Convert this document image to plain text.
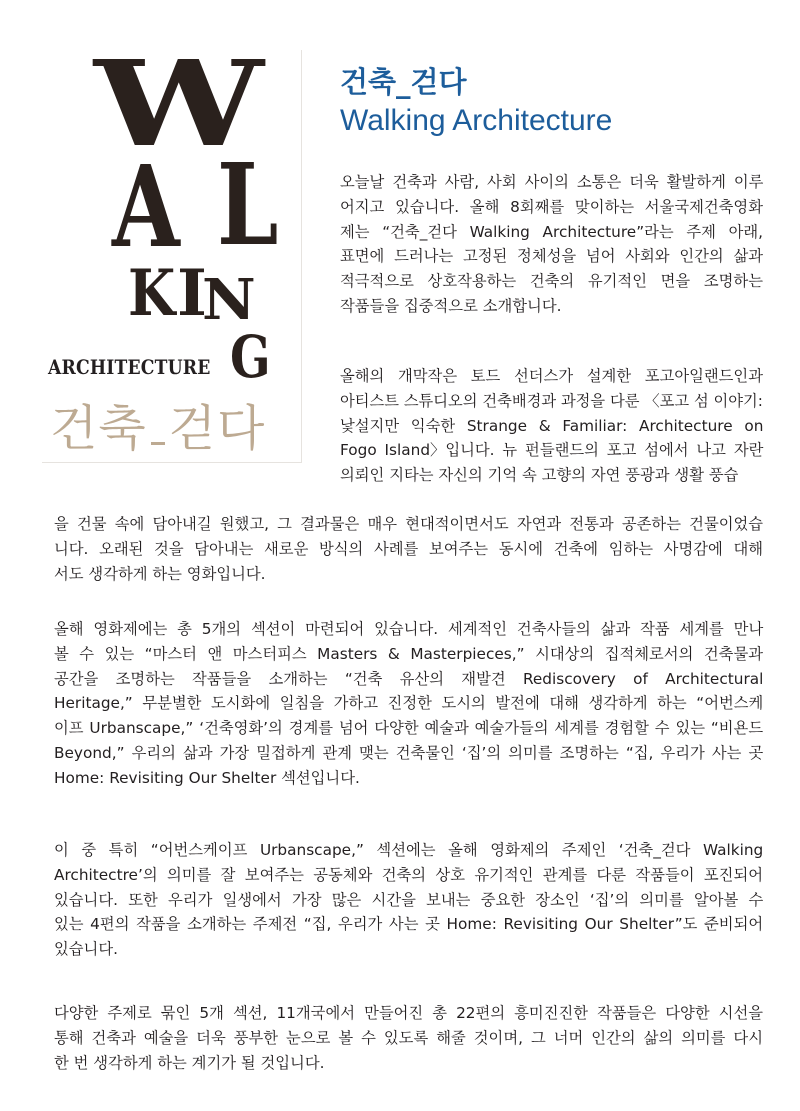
W
A L
K I
N
G
ARCHITECTURE
건축 걷다
건축_걷다
Walking Architecture
오늘날 건축과 사람, 사회 사이의 소통은 더욱 활발하게 이루
어지고 있습니다. 올해 8회째를 맞이하는 서울국제건축영화
제는 “건축_걷다 Walking Architecture”라는 주제 아래,
표면에 드러나는 고정된 정체성을 넘어 사회와 인간의 삶과
적극적으로 상호작용하는 건축의 유기적인 면을 조명하는
작품들을 집중적으로 소개합니다.
올해의 개막작은 토드 선더스가 설계한 포고아일랜드인과
아티스트 스튜디오의 건축배경과 과정을 다룬 〈포고 섬 이야기:
낯설지만 익숙한 Strange & Familiar: Architecture on
Fogo Island〉입니다. 뉴 펀들랜드의 포고 섬에서 나고 자란
의뢰인 지타는 자신의 기억 속 고향의 자연 풍광과 생활 풍습
을 건물 속에 담아내길 원했고, 그 결과물은 매우 현대적이면서도 자연과 전통과 공존하는 건물이었습
니다. 오래된 것을 담아내는 새로운 방식의 사례를 보여주는 동시에 건축에 임하는 사명감에 대해
서도 생각하게 하는 영화입니다.
올해 영화제에는 총 5개의 섹션이 마련되어 있습니다. 세계적인 건축사들의 삶과 작품 세계를 만나
볼 수 있는 “마스터 앤 마스터피스 Masters & Masterpieces,” 시대상의 집적체로서의 건축물과
공간을 조명하는 작품들을 소개하는 “건축 유산의 재발견 Rediscovery of Architectural
Heritage,” 무분별한 도시화에 일침을 가하고 진정한 도시의 발전에 대해 생각하게 하는 “어번스케
이프 Urbanscape,” ‘건축영화’의 경계를 넘어 다양한 예술과 예술가들의 세계를 경험할 수 있는 “비욘드
Beyond,” 우리의 삶과 가장 밀접하게 관계 맺는 건축물인 ‘집’의 의미를 조명하는 “집, 우리가 사는 곳
Home: Revisiting Our Shelter 섹션입니다.
이 중 특히 “어번스케이프 Urbanscape,” 섹션에는 올해 영화제의 주제인 ‘건축_걷다 Walking
Architectre’의 의미를 잘 보여주는 공동체와 건축의 상호 유기적인 관계를 다룬 작품들이 포진되어
있습니다. 또한 우리가 일생에서 가장 많은 시간을 보내는 중요한 장소인 ‘집’의 의미를 알아볼 수
있는 4편의 작품을 소개하는 주제전 “집, 우리가 사는 곳 Home: Revisiting Our Shelter”도 준비되어
있습니다.
다양한 주제로 묶인 5개 섹션, 11개국에서 만들어진 총 22편의 흥미진진한 작품들은 다양한 시선을
통해 건축과 예술을 더욱 풍부한 눈으로 볼 수 있도록 해줄 것이며, 그 너머 인간의 삶의 의미를 다시
한 번 생각하게 하는 계기가 될 것입니다.
